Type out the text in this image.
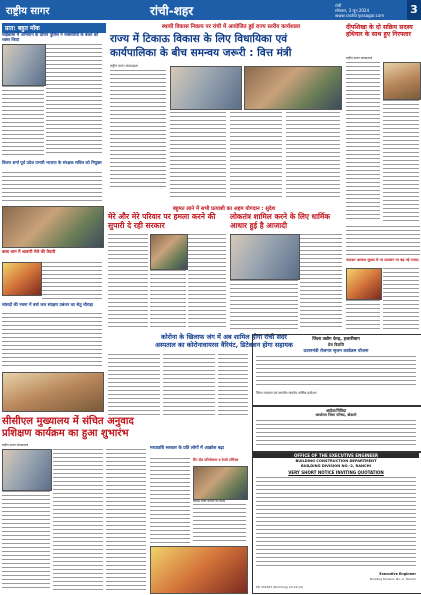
राष्ट्रीय सागर	रांची-शहर	रांची
सोमवार, 3 जून 2024
www.rashtriyasagar.com	3
प्रात: बहुत मॉक
चाईबासा में अभियान के दौरान पुलिस ने नक्सलियों के बंकर को ध्वस्त किया
विजय शर्मा पूर्व प्रदेश प्रभारी भाजपा के संरक्षक सचिव को नियुक्त
बाबा धाम में श्रावणी मेले की तैयारी
सांसदों की नवमा में वर्षा जल संग्रहण प्रबंधन का सेतु चौराहा
स्थायी विकास निकाय पर रांची में आयोजित हुई राज्य स्तरीय कार्यशाला
राज्य में टिकाऊ विकास के लिए विधायिका एवं
कार्यपालिका के बीच समन्वय जरूरी : वित्त मंत्री
राष्ट्रीय सागर संवाददाता
दीपशिखा के दो सक्रिय सदस्य हथियार के साथ हुए गिरफ्तार
राष्ट्रीय सागर संवाददाता
बहुमत लाने में सभी प्रत्याशी का अहम योगदान : सुदेश
मेरे और मेरे परिवार पर हमला करने की सुपारी दे रही सरकार
लोकतंत्र शामिल करने के लिए धार्मिक आधार हुई है आजादी
फलदार आवाज सुरक्षा से पर प्रशासन पर बढ़ गई ज्यादा
कोरोना के खिलाफ जंग में अब शामिल होगा रांची सदर
अस्पताल का कोरोनावायरस वैरियंट, डिटेक्शन होगा सहायक
जिला उद्योग केन्द्र, हजारीबाग
प्रेस विज्ञप्ति
प्रधानमंत्री रोजगार सृजन कार्यक्रम योजना
जिला पंचायत एवं स्थानीय मानदेय वार्षिक प्रमोशन
आदेश/निविदा
कार्यालय जिला परिषद, बोकारो
सीसीएल मुख्यालय में संचित अनुवाद
प्रशिक्षण कार्यक्रम का हुआ शुभारंभ
राष्ट्रीय सागर संवाददाता
मध्यावधि सरकार के प्रति लोगों में आक्रोश बढ़ा
रिंग रोड परियोजना व रेलवे टर्मिनल
कांग्रेस संघर्ष समिति की बैठक
OFFICE OF THE EXECUTIVE ENGINEER
BUILDING CONSTRUCTION DEPARTMENT
BUILDING DIVISION NO.-2, RANCHI
VERY SHORT NOTICE INVITING QUOTATION
Executive Engineer
Building Division No.-2, Ranchi
PR 331657 (Building) 23-24 (D)
